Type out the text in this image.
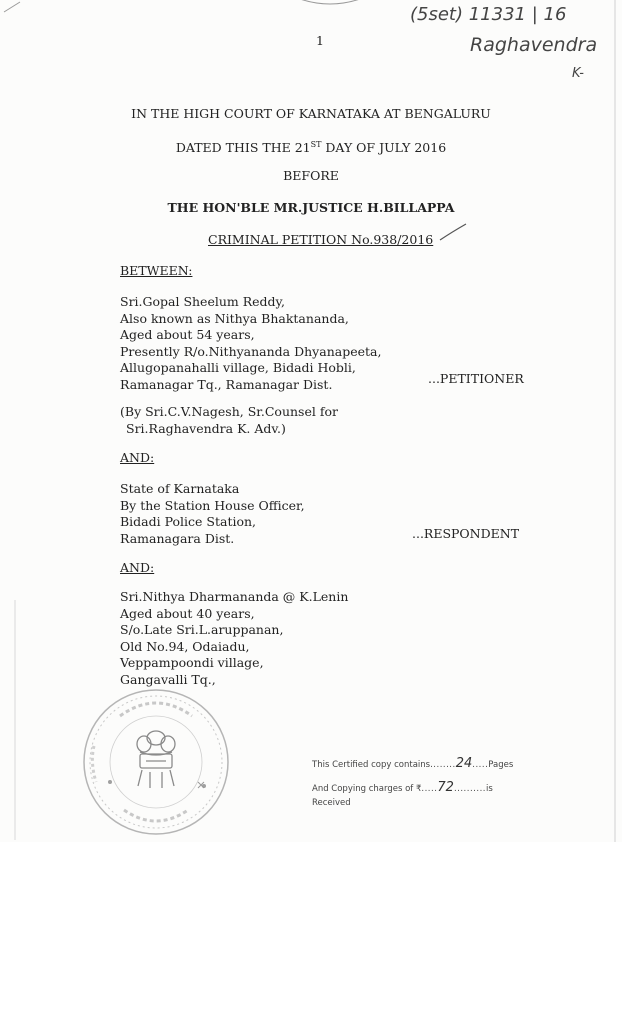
(5set) 11331 | 16
Raghavendra
K-
1
IN THE HIGH COURT OF KARNATAKA AT BENGALURU
DATED THIS THE 21ST DAY OF JULY 2016
BEFORE
THE HON'BLE MR.JUSTICE H.BILLAPPA
CRIMINAL PETITION No.938/2016
BETWEEN:
Sri.Gopal Sheelum Reddy,
Also known as Nithya Bhaktananda,
Aged about 54 years,
Presently R/o.Nithyananda Dhyanapeeta,
Allugopanahalli village, Bidadi Hobli,
Ramanagar Tq., Ramanagar Dist.	...PETITIONER
(By Sri.C.V.Nagesh, Sr.Counsel for
Sri.Raghavendra K. Adv.)
AND:
State of Karnataka
By the Station House Officer,
Bidadi Police Station,
Ramanagara Dist.	...RESPONDENT
AND:
Sri.Nithya Dharmananda @ K.Lenin
Aged about 40 years,
S/o.Late Sri.L.aruppanan,
Old No.94, Odaiadu,
Veppampoondi village,
Gangavalli Tq.,
This Certified copy contains........24.....Pages
And Copying charges of ₹.....72..........is
Received
